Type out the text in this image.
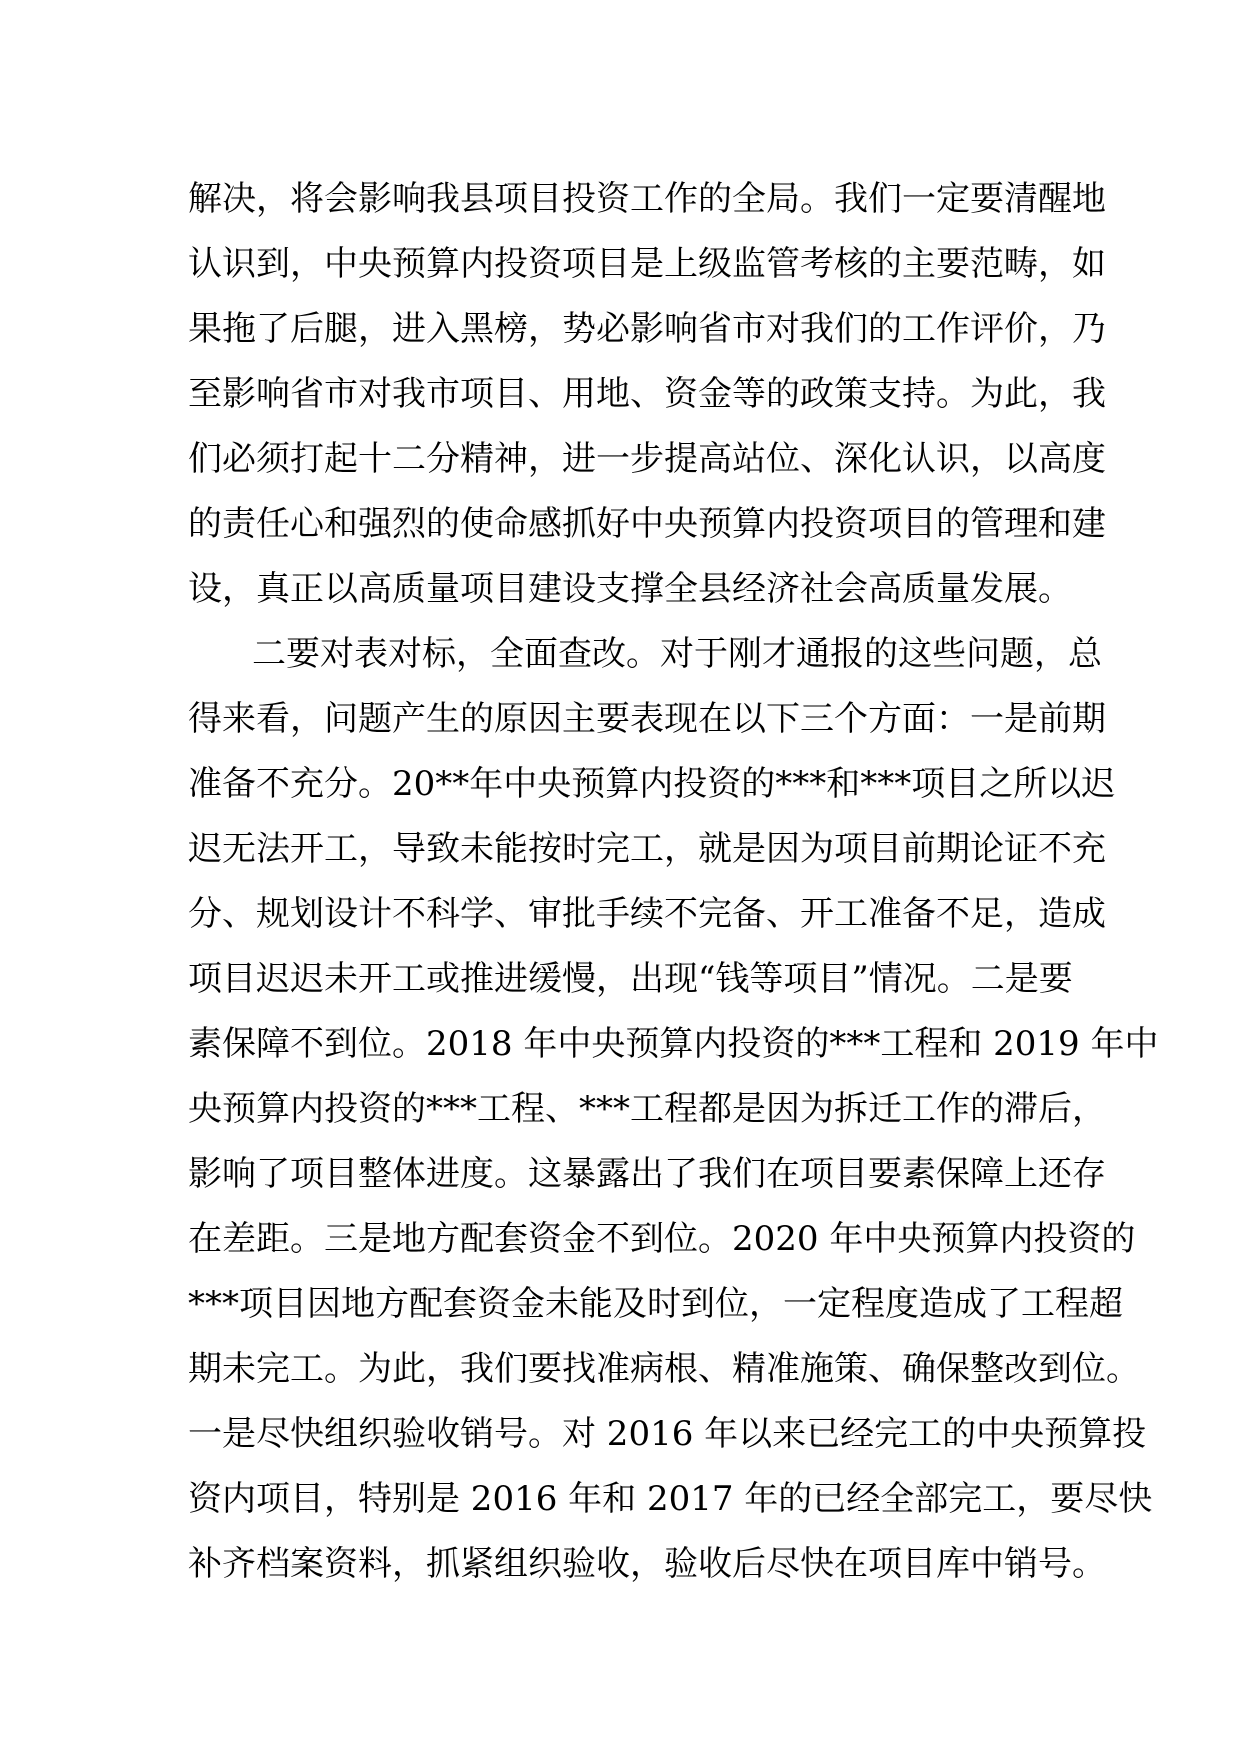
解决，将会影响我县项目投资工作的全局。我们一定要清醒地
认识到，中央预算内投资项目是上级监管考核的主要范畴，如
果拖了后腿，进入黑榜，势必影响省市对我们的工作评价，乃
至影响省市对我市项目、用地、资金等的政策支持。为此，我
们必须打起十二分精神，进一步提高站位、深化认识，以高度
的责任心和强烈的使命感抓好中央预算内投资项目的管理和建
设，真正以高质量项目建设支撑全县经济社会高质量发展。
二要对表对标，全面查改。对于刚才通报的这些问题，总
得来看，问题产生的原因主要表现在以下三个方面：一是前期
准备不充分。20**年中央预算内投资的***和***项目之所以迟
迟无法开工，导致未能按时完工，就是因为项目前期论证不充
分、规划设计不科学、审批手续不完备、开工准备不足，造成
项目迟迟未开工或推进缓慢，出现“钱等项目”情况。二是要
素保障不到位。2018 年中央预算内投资的***工程和 2019 年中
央预算内投资的***工程、***工程都是因为拆迁工作的滞后，
影响了项目整体进度。这暴露出了我们在项目要素保障上还存
在差距。三是地方配套资金不到位。2020 年中央预算内投资的
***项目因地方配套资金未能及时到位，一定程度造成了工程超
期未完工。为此，我们要找准病根、精准施策、确保整改到位。
一是尽快组织验收销号。对 2016 年以来已经完工的中央预算投
资内项目，特别是 2016 年和 2017 年的已经全部完工，要尽快
补齐档案资料，抓紧组织验收，验收后尽快在项目库中销号。
